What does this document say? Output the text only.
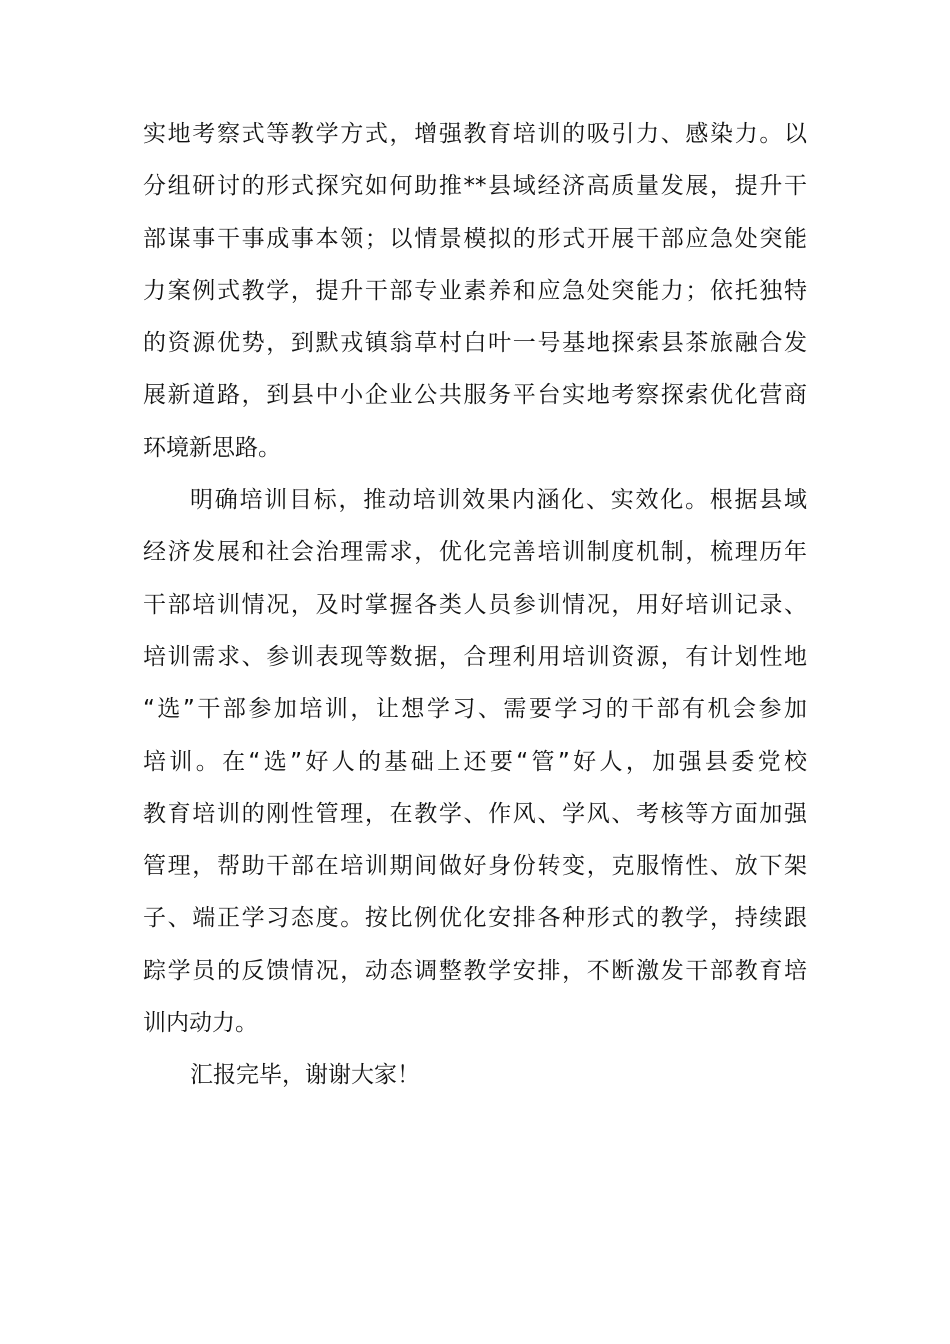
实地考察式等教学方式，增强教育培训的吸引力、感染力。以
分组研讨的形式探究如何助推**县域经济高质量发展，提升干
部谋事干事成事本领；以情景模拟的形式开展干部应急处突能
力案例式教学，提升干部专业素养和应急处突能力；依托独特
的资源优势，到默戎镇翁草村白叶一号基地探索县茶旅融合发
展新道路，到县中小企业公共服务平台实地考察探索优化营商
环境新思路。
明确培训目标，推动培训效果内涵化、实效化。根据县域
经济发展和社会治理需求，优化完善培训制度机制，梳理历年
干部培训情况，及时掌握各类人员参训情况，用好培训记录、
培训需求、参训表现等数据，合理利用培训资源，有计划性地
“选”干部参加培训，让想学习、需要学习的干部有机会参加
培训。在“选”好人的基础上还要“管”好人，加强县委党校
教育培训的刚性管理，在教学、作风、学风、考核等方面加强
管理，帮助干部在培训期间做好身份转变，克服惰性、放下架
子、端正学习态度。按比例优化安排各种形式的教学，持续跟
踪学员的反馈情况，动态调整教学安排，不断激发干部教育培
训内动力。
汇报完毕，谢谢大家！
